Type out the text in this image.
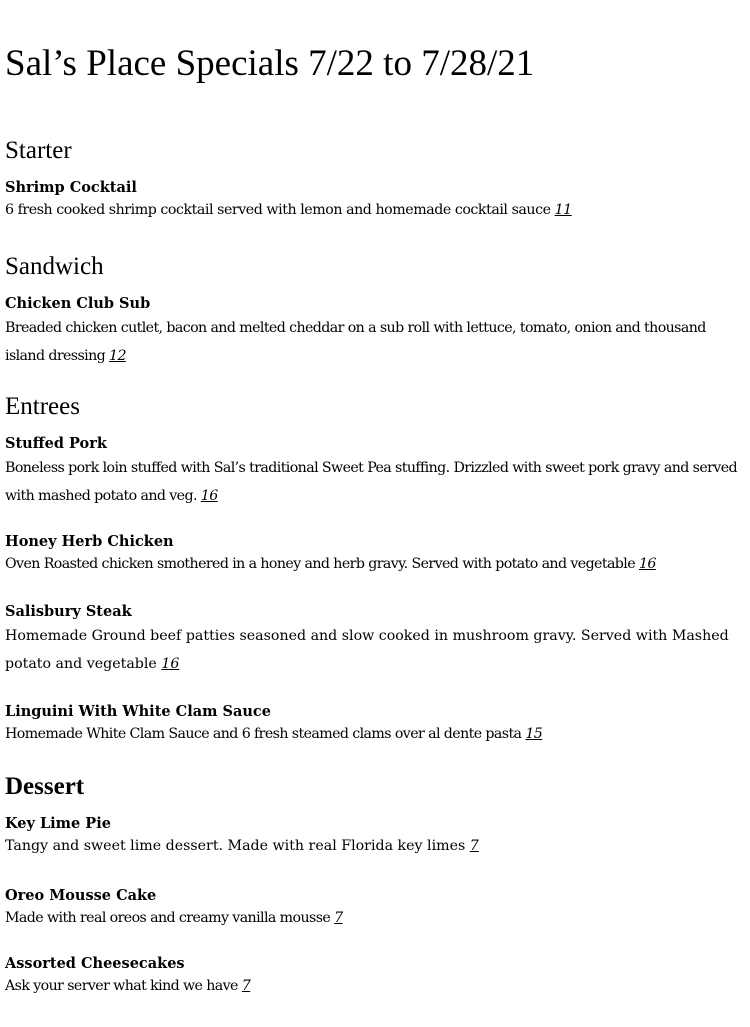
Sal’s Place Specials 7/22 to 7/28/21
Starter
Shrimp Cocktail
6 fresh cooked shrimp cocktail served with lemon and homemade cocktail sauce 11
Sandwich
Chicken Club Sub
Breaded chicken cutlet, bacon and melted cheddar on a sub roll with lettuce, tomato, onion and thousand island dressing 12
Entrees
Stuffed Pork
Boneless pork loin stuffed with Sal’s traditional Sweet Pea stuffing. Drizzled with sweet pork gravy and served with mashed potato and veg. 16
Honey Herb Chicken
Oven Roasted chicken smothered in a honey and herb gravy. Served with potato and vegetable 16
Salisbury Steak
Homemade Ground beef patties seasoned and slow cooked in mushroom gravy. Served with Mashed potato and vegetable 16
Linguini With White Clam Sauce
Homemade White Clam Sauce and 6 fresh steamed clams over al dente pasta 15
Dessert
Key Lime Pie
Tangy and sweet lime dessert. Made with real Florida key limes 7
Oreo Mousse Cake
Made with real oreos and creamy vanilla mousse 7
Assorted Cheesecakes
Ask your server what kind we have 7
